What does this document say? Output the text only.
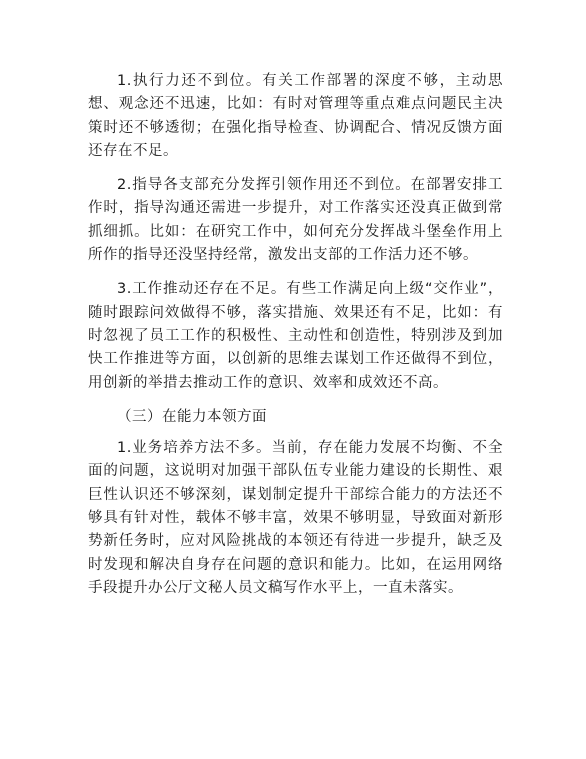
1.执行力还不到位。有关工作部署的深度不够，主动思想、观念还不迅速，比如：有时对管理等重点难点问题民主决策时还不够透彻；在强化指导检查、协调配合、情况反馈方面还存在不足。

2.指导各支部充分发挥引领作用还不到位。在部署安排工作时，指导沟通还需进一步提升，对工作落实还没真正做到常抓细抓。比如：在研究工作中，如何充分发挥战斗堡垒作用上所作的指导还没坚持经常，激发出支部的工作活力还不够。

3.工作推动还存在不足。有些工作满足向上级“交作业”，随时跟踪问效做得不够，落实措施、效果还有不足，比如：有时忽视了员工工作的积极性、主动性和创造性，特别涉及到加快工作推进等方面，以创新的思维去谋划工作还做得不到位，用创新的举措去推动工作的意识、效率和成效还不高。

（三）在能力本领方面

1.业务培养方法不多。当前，存在能力发展不均衡、不全面的问题，这说明对加强干部队伍专业能力建设的长期性、艰巨性认识还不够深刻，谋划制定提升干部综合能力的方法还不够具有针对性，载体不够丰富，效果不够明显，导致面对新形势新任务时，应对风险挑战的本领还有待进一步提升，缺乏及时发现和解决自身存在问题的意识和能力。比如，在运用网络手段提升办公厅文秘人员文稿写作水平上，一直未落实。
